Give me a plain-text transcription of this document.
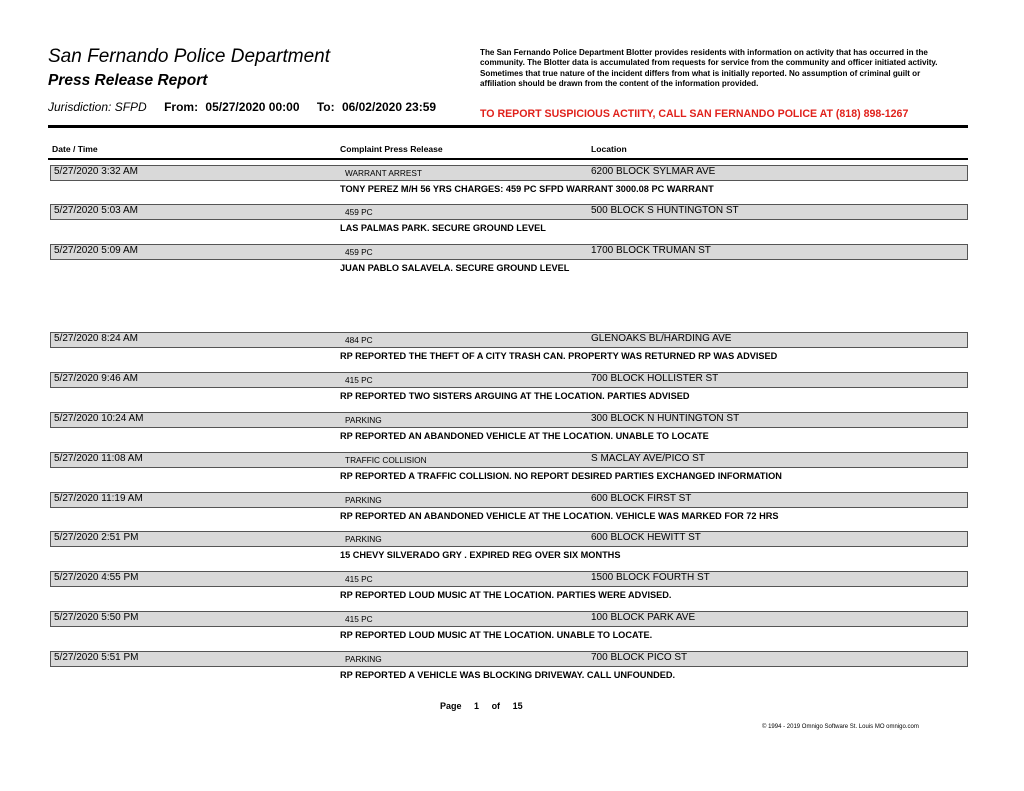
San Fernando Police Department
Press Release Report
Jurisdiction: SFPD From: 05/27/2020 00:00 To: 06/02/2020 23:59

The San Fernando Police Department Blotter provides residents with information on activity that has occurred in the community. The Blotter data is accumulated from requests for service from the community and officer initiated activity. Sometimes that true nature of the incident differs from what is initially reported. No assumption of criminal guilt or affiliation should be drawn from the content of the information provided.

TO REPORT SUSPICIOUS ACTIITY, CALL SAN FERNANDO POLICE AT (818) 898-1267
Date / Time	Complaint Press Release	Location
5/27/2020 3:32 AM	WARRANT ARREST	6200 BLOCK SYLMAR AVE
TONY PEREZ M/H 56 YRS CHARGES: 459 PC SFPD WARRANT 3000.08 PC WARRANT
5/27/2020 5:03 AM	459 PC	500 BLOCK S HUNTINGTON ST
LAS PALMAS PARK. SECURE GROUND LEVEL
5/27/2020 5:09 AM	459 PC	1700 BLOCK TRUMAN ST
JUAN PABLO SALAVELA. SECURE GROUND LEVEL
5/27/2020 8:24 AM	484 PC	GLENOAKS BL/HARDING AVE
RP REPORTED THE THEFT OF A CITY TRASH CAN. PROPERTY WAS RETURNED RP WAS ADVISED
5/27/2020 9:46 AM	415 PC	700 BLOCK HOLLISTER ST
RP REPORTED TWO SISTERS ARGUING AT THE LOCATION. PARTIES ADVISED
5/27/2020 10:24 AM	PARKING	300 BLOCK N HUNTINGTON ST
RP REPORTED AN ABANDONED VEHICLE AT THE LOCATION. UNABLE TO LOCATE
5/27/2020 11:08 AM	TRAFFIC COLLISION	S MACLAY AVE/PICO ST
RP REPORTED A TRAFFIC COLLISION. NO REPORT DESIRED PARTIES EXCHANGED INFORMATION
5/27/2020 11:19 AM	PARKING	600 BLOCK FIRST ST
RP REPORTED AN ABANDONED VEHICLE AT THE LOCATION. VEHICLE WAS MARKED FOR 72 HRS
5/27/2020 2:51 PM	PARKING	600 BLOCK HEWITT ST
15 CHEVY SILVERADO GRY . EXPIRED REG OVER SIX MONTHS
5/27/2020 4:55 PM	415 PC	1500 BLOCK FOURTH ST
RP REPORTED LOUD MUSIC AT THE LOCATION. PARTIES WERE ADVISED.
5/27/2020 5:50 PM	415 PC	100 BLOCK PARK AVE
RP REPORTED LOUD MUSIC AT THE LOCATION. UNABLE TO LOCATE.
5/27/2020 5:51 PM	PARKING	700 BLOCK PICO ST
RP REPORTED A VEHICLE WAS BLOCKING DRIVEWAY. CALL UNFOUNDED.
Page 1 of 15
© 1994 - 2019 Omnigo Software St. Louis MO omnigo.com
